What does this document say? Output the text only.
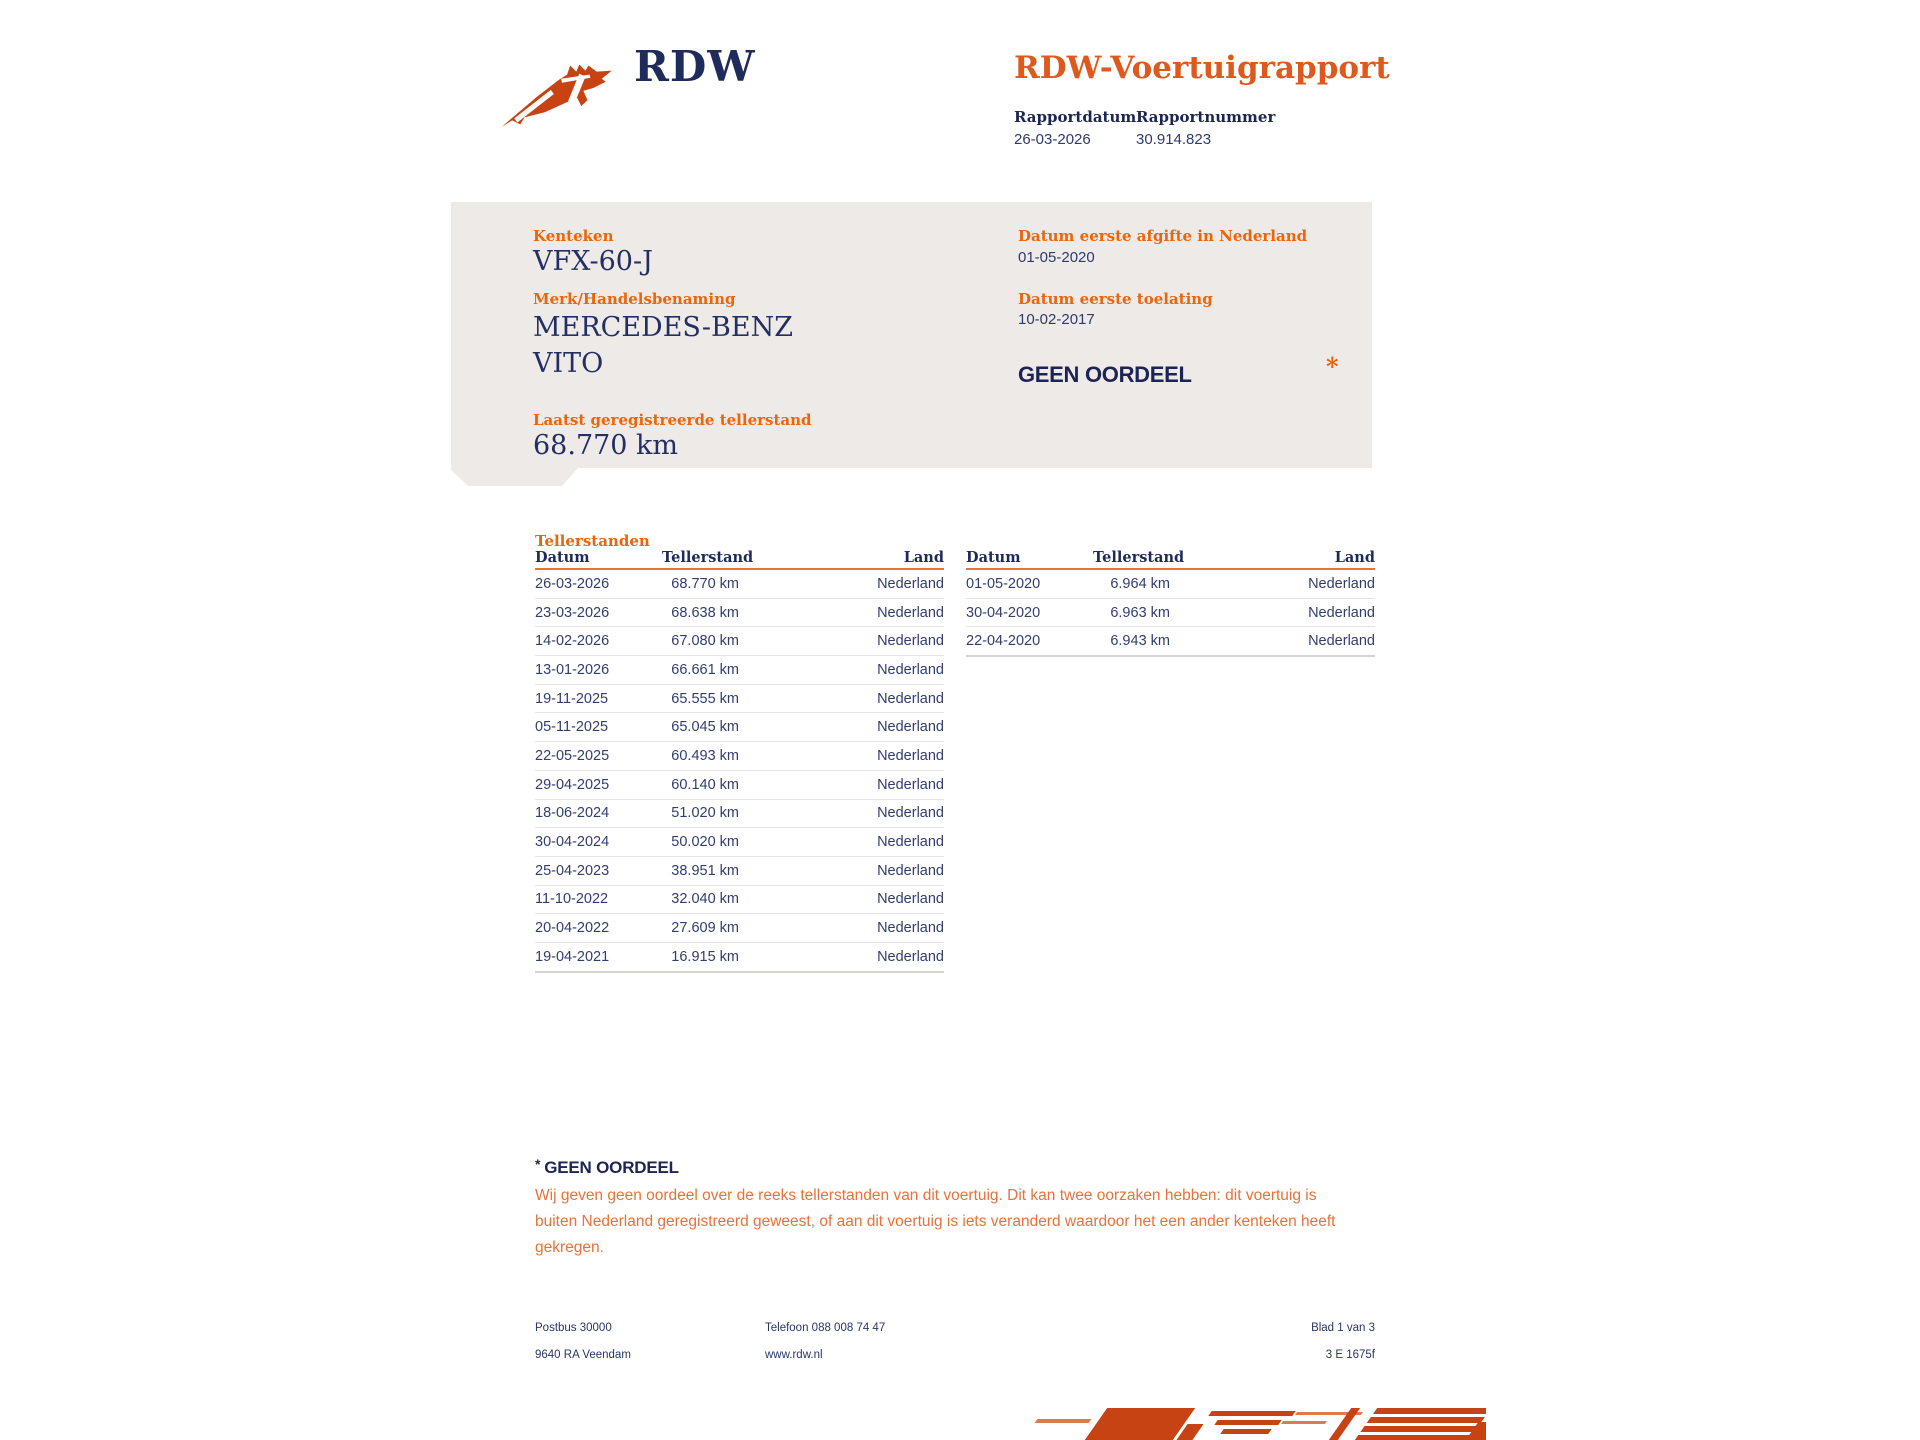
RDW	RDW-Voertuigrapport
Rapportdatum Rapportnummer
26-03-2026	30.914.823
Kenteken
VFX-60-J
Merk/Handelsbenaming
MERCEDES-BENZ
VITO
Laatst geregistreerde tellerstand
68.770 km
Datum eerste afgifte in Nederland
01-05-2020
Datum eerste toelating
10-02-2017
GEEN OORDEEL	*
Tellerstanden
Datum	Tellerstand	Land
26-03-2026	68.770 km	Nederland
23-03-2026	68.638 km	Nederland
14-02-2026	67.080 km	Nederland
13-01-2026	66.661 km	Nederland
19-11-2025	65.555 km	Nederland
05-11-2025	65.045 km	Nederland
22-05-2025	60.493 km	Nederland
29-04-2025	60.140 km	Nederland
18-06-2024	51.020 km	Nederland
30-04-2024	50.020 km	Nederland
25-04-2023	38.951 km	Nederland
11-10-2022	32.040 km	Nederland
20-04-2022	27.609 km	Nederland
19-04-2021	16.915 km	Nederland
Datum	Tellerstand	Land
01-05-2020	6.964 km	Nederland
30-04-2020	6.963 km	Nederland
22-04-2020	6.943 km	Nederland
* GEEN OORDEEL
Wij geven geen oordeel over de reeks tellerstanden van dit voertuig. Dit kan twee oorzaken hebben: dit voertuig is buiten Nederland geregistreerd geweest, of aan dit voertuig is iets veranderd waardoor het een ander kenteken heeft gekregen.
Postbus 30000
9640 RA Veendam
Telefoon 088 008 74 47
www.rdw.nl
Blad 1 van 3
3 E 1675f
